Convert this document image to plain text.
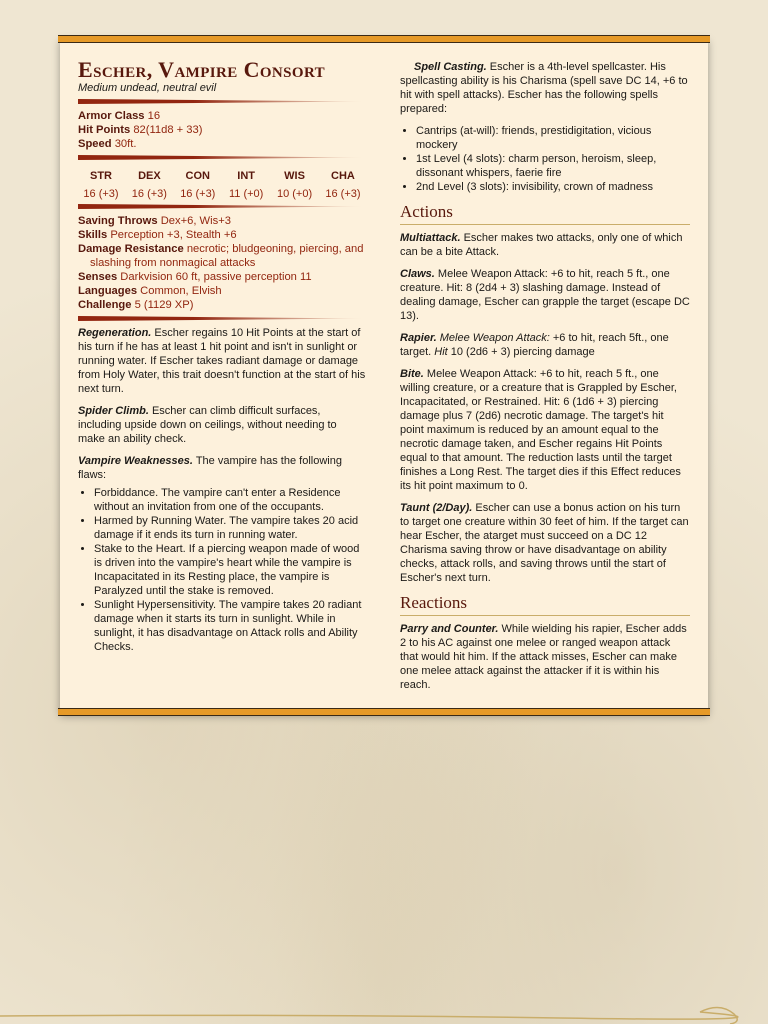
Escher, Vampire Consort
Medium undead, neutral evil
Armor Class 16
Hit Points 82(11d8 + 33)
Speed 30ft.
STR
16 (+3)
DEX
16 (+3)
CON
16 (+3)
INT
11 (+0)
WIS
10 (+0)
CHA
16 (+3)
Saving Throws Dex+6, Wis+3
Skills Perception +3, Stealth +6
Damage Resistance necrotic; bludgeoning, piercing, and slashing from nonmagical attacks
Senses Darkvision 60 ft, passive perception 11
Languages Common, Elvish
Challenge 5 (1129 XP)

Regeneration. Escher regains 10 Hit Points at the start of his turn if he has at least 1 hit point and isn't in sunlight or running water. If Escher takes radiant damage or damage from Holy Water, this trait doesn't function at the start of his next turn.

Spider Climb. Escher can climb difficult surfaces, including upside down on ceilings, without needing to make an ability check.

Vampire Weaknesses. The vampire has the following flaws:

• Forbiddance. The vampire can't enter a Residence without an invitation from one of the occupants.
• Harmed by Running Water. The vampire takes 20 acid damage if it ends its turn in running water.
• Stake to the Heart. If a piercing weapon made of wood is driven into the vampire's heart while the vampire is Incapacitated in its Resting place, the vampire is Paralyzed until the stake is removed.
• Sunlight Hypersensitivity. The vampire takes 20 radiant damage when it starts its turn in sunlight. While in sunlight, it has disadvantage on Attack rolls and Ability Checks.

Spell Casting. Escher is a 4th-level spellcaster. His spellcasting ability is his Charisma (spell save DC 14, +6 to hit with spell attacks). Escher has the following spells prepared:

• Cantrips (at-will): friends, prestidigitation, vicious mockery
• 1st Level (4 slots): charm person, heroism, sleep, dissonant whispers, faerie fire
• 2nd Level (3 slots): invisibility, crown of madness
Actions

Multiattack. Escher makes two attacks, only one of which can be a bite Attack.

Claws. Melee Weapon Attack: +6 to hit, reach 5 ft., one creature. Hit: 8 (2d4 + 3) slashing damage. Instead of dealing damage, Escher can grapple the target (escape DC 13).

Rapier. Melee Weapon Attack: +6 to hit, reach 5ft., one target. Hit 10 (2d6 + 3) piercing damage

Bite. Melee Weapon Attack: +6 to hit, reach 5 ft., one willing creature, or a creature that is Grappled by Escher, Incapacitated, or Restrained. Hit: 6 (1d6 + 3) piercing damage plus 7 (2d6) necrotic damage. The target's hit point maximum is reduced by an amount equal to the necrotic damage taken, and Escher regains Hit Points equal to that amount. The reduction lasts until the target finishes a Long Rest. The target dies if this Effect reduces its hit point maximum to 0.

Taunt (2/Day). Escher can use a bonus action on his turn to target one creature within 30 feet of him. If the target can hear Escher, the atarget must succeed on a DC 12 Charisma saving throw or have disadvantage on ability checks, attack rolls, and saving throws until the start of Escher's next turn.

Reactions

Parry and Counter. While wielding his rapier, Escher adds 2 to his AC against one melee or ranged weapon attack that would hit him. If the attack misses, Escher can make one melee attack against the attacker if it is within his reach.
